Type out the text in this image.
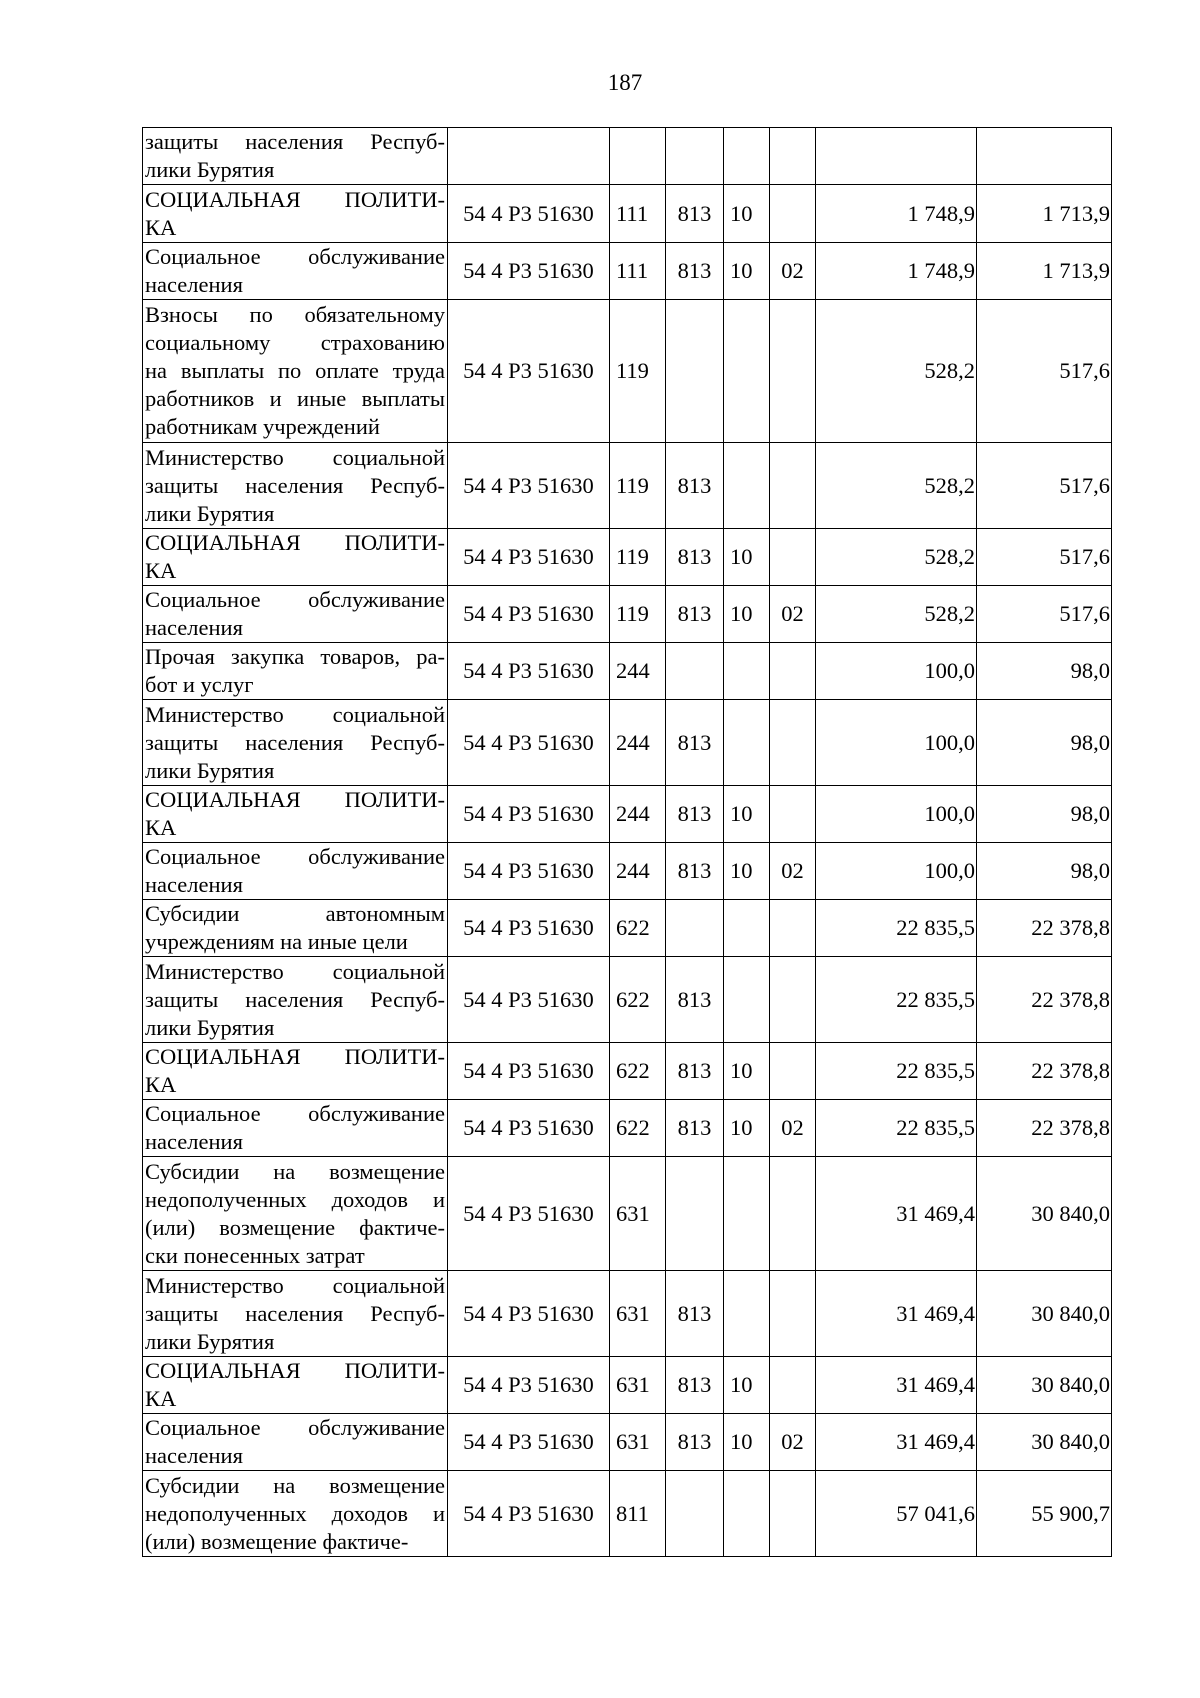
187
защиты населения Респуб-
лики Бурятия							

СОЦИАЛЬНАЯ ПОЛИТИ-
КА	54 4 Р3 51630	111	813	10		1 748,9	1 713,9

Социальное обслуживание
населения	54 4 Р3 51630	111	813	10	02	1 748,9	1 713,9

Взносы по обязательному
социальному страхованию
на выплаты по оплате труда
работников и иные выплаты
работникам учреждений	54 4 Р3 51630	119				528,2	517,6

Министерство социальной
защиты населения Респуб-
лики Бурятия	54 4 Р3 51630	119	813			528,2	517,6

СОЦИАЛЬНАЯ ПОЛИТИ-
КА	54 4 Р3 51630	119	813	10		528,2	517,6

Социальное обслуживание
населения	54 4 Р3 51630	119	813	10	02	528,2	517,6

Прочая закупка товаров, ра-
бот и услуг	54 4 Р3 51630	244				100,0	98,0

Министерство социальной
защиты населения Респуб-
лики Бурятия	54 4 Р3 51630	244	813			100,0	98,0

СОЦИАЛЬНАЯ ПОЛИТИ-
КА	54 4 Р3 51630	244	813	10		100,0	98,0

Социальное обслуживание
населения	54 4 Р3 51630	244	813	10	02	100,0	98,0

Субсидии автономным
учреждениям на иные цели	54 4 Р3 51630	622				22 835,5	22 378,8

Министерство социальной
защиты населения Респуб-
лики Бурятия	54 4 Р3 51630	622	813			22 835,5	22 378,8

СОЦИАЛЬНАЯ ПОЛИТИ-
КА	54 4 Р3 51630	622	813	10		22 835,5	22 378,8

Социальное обслуживание
населения	54 4 Р3 51630	622	813	10	02	22 835,5	22 378,8

Субсидии на возмещение
недополученных доходов и
(или) возмещение фактиче-
ски понесенных затрат	54 4 Р3 51630	631				31 469,4	30 840,0

Министерство социальной
защиты населения Респуб-
лики Бурятия	54 4 Р3 51630	631	813			31 469,4	30 840,0

СОЦИАЛЬНАЯ ПОЛИТИ-
КА	54 4 Р3 51630	631	813	10		31 469,4	30 840,0

Социальное обслуживание
населения	54 4 Р3 51630	631	813	10	02	31 469,4	30 840,0

Субсидии на возмещение
недополученных доходов и
(или) возмещение фактиче-	54 4 Р3 51630	811				57 041,6	55 900,7
